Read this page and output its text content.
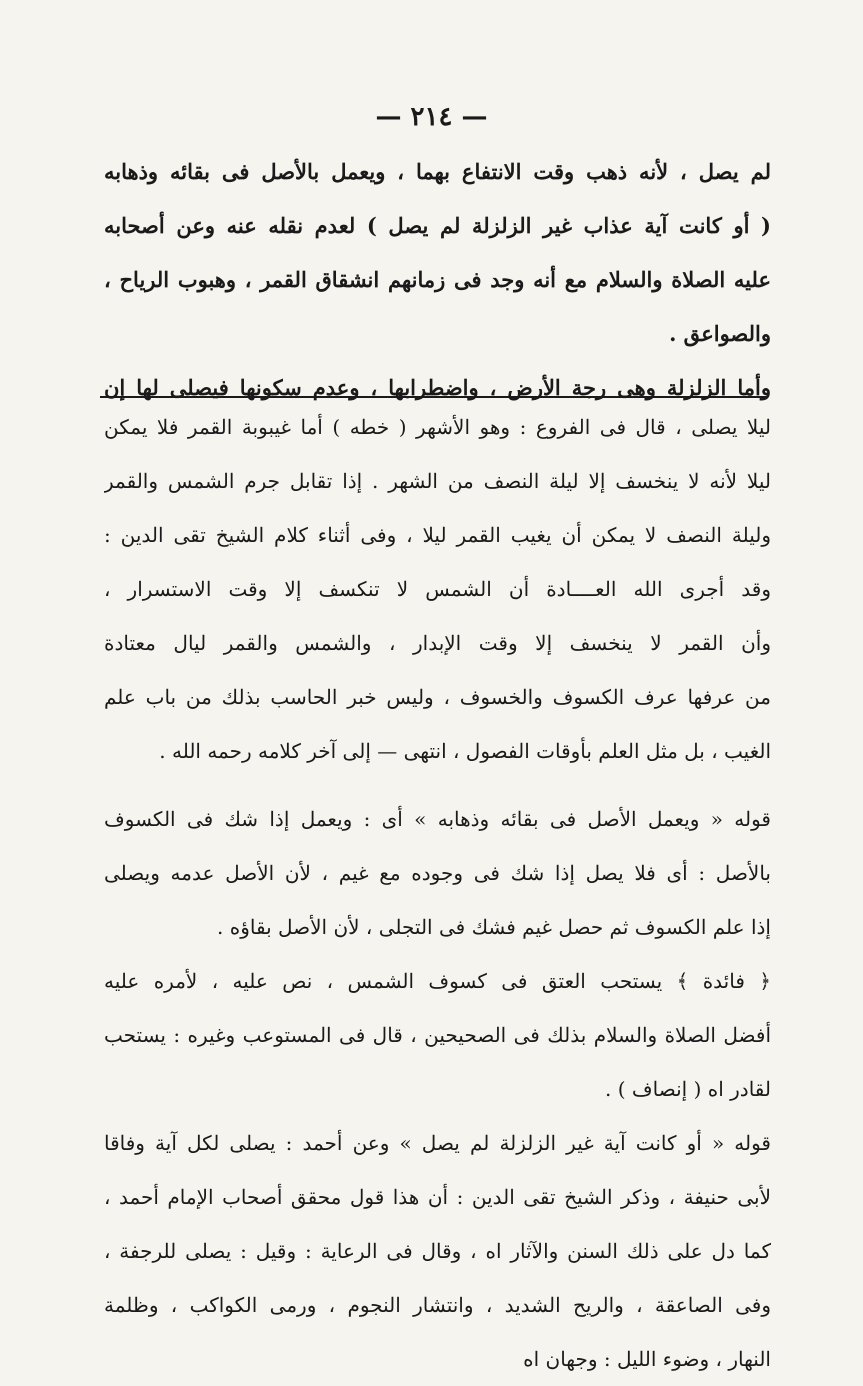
— ٢١٤ —
لم يصل ، لأنه ذهب وقت الانتفاع بهما ، ويعمل بالأصل فى بقائه وذهابه
( أو كانت آية عذاب غير الزلزلة لم يصل ) لعدم نقله عنه وعن أصحابه
عليه الصلاة والسلام مع أنه وجد فى زمانهم انشقاق القمر ، وهبوب الرياح ،
والصواعق .
وأما الزلزلة وهى رجة الأرض ، واضطرابها ، وعدم سكونها فيصلى لها إن
ليلا يصلى ، قال فى الفروع : وهو الأشهر ( خطه ) أما غيبوبة القمر فلا يمكن
ليلا لأنه لا ينخسف إلا ليلة النصف من الشهر . إذا تقابل جرم الشمس والقمر
وليلة النصف لا يمكن أن يغيب القمر ليلا ، وفى أثناء كلام الشيخ تقى الدين :
وقد أجرى الله العــــادة أن الشمس لا تنكسف إلا وقت الاستسرار ،
وأن القمر لا ينخسف إلا وقت الإبدار ، والشمس والقمر ليال معتادة
من عرفها عرف الكسوف والخسوف ، وليس خبر الحاسب بذلك من باب علم
الغيب ، بل مثل العلم بأوقات الفصول ، انتهى — إلى آخر كلامه رحمه الله .
قوله « ويعمل الأصل فى بقائه وذهابه » أى : ويعمل إذا شك فى الكسوف
بالأصل : أى فلا يصل إذا شك فى وجوده مع غيم ، لأن الأصل عدمه ويصلى
إذا علم الكسوف ثم حصل غيم فشك فى التجلى ، لأن الأصل بقاؤه .
﴿ فائدة ﴾ يستحب العتق فى كسوف الشمس ، نص عليه ، لأمره عليه
أفضل الصلاة والسلام بذلك فى الصحيحين ، قال فى المستوعب وغيره : يستحب
لقادر اه ( إنصاف ) .
قوله « أو كانت آية غير الزلزلة لم يصل » وعن أحمد : يصلى لكل آية وفاقا
لأبى حنيفة ، وذكر الشيخ تقى الدين : أن هذا قول محقق أصحاب الإمام أحمد ،
كما دل على ذلك السنن والآثار اه ، وقال فى الرعاية : وقيل : يصلى للرجفة ،
وفى الصاعقة ، والريح الشديد ، وانتشار النجوم ، ورمى الكواكب ، وظلمة
النهار ، وضوء الليل : وجهان اه
